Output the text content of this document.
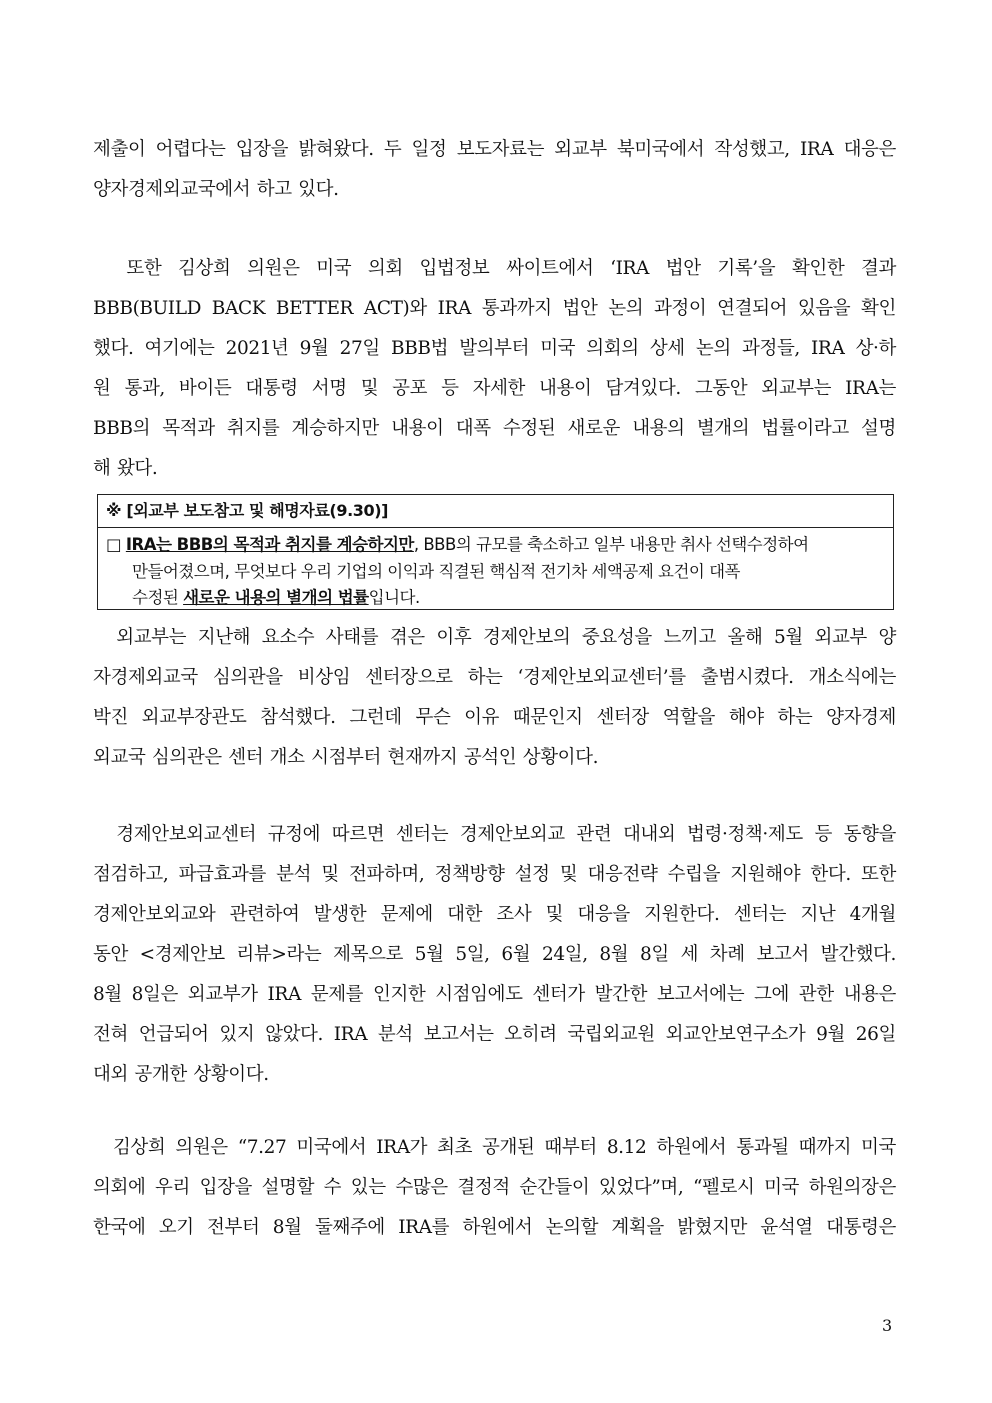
제출이 어렵다는 입장을 밝혀왔다. 두 일정 보도자료는 외교부 북미국에서 작성했고, IRA 대응은
양자경제외교국에서 하고 있다.
또한 김상희 의원은 미국 의회 입법정보 싸이트에서 ‘IRA 법안 기록’을 확인한 결과
BBB(BUILD BACK BETTER ACT)와 IRA 통과까지 법안 논의 과정이 연결되어 있음을 확인
했다. 여기에는 2021년 9월 27일 BBB법 발의부터 미국 의회의 상세 논의 과정들, IRA 상·하
원 통과, 바이든 대통령 서명 및 공포 등 자세한 내용이 담겨있다. 그동안 외교부는 IRA는
BBB의 목적과 취지를 계승하지만 내용이 대폭 수정된 새로운 내용의 별개의 법률이라고 설명
해 왔다.
※ [외교부 보도참고 및 해명자료(9.30)]
□ IRA는 BBB의 목적과 취지를 계승하지만, BBB의 규모를 축소하고 일부 내용만 취사 선택수정하여
만들어졌으며, 무엇보다 우리 기업의 이익과 직결된 핵심적 전기차 세액공제 요건이 대폭
수정된 새로운 내용의 별개의 법률입니다.
외교부는 지난해 요소수 사태를 겪은 이후 경제안보의 중요성을 느끼고 올해 5월 외교부 양
자경제외교국 심의관을 비상임 센터장으로 하는 ‘경제안보외교센터’를 출범시켰다. 개소식에는
박진 외교부장관도 참석했다. 그런데 무슨 이유 때문인지 센터장 역할을 해야 하는 양자경제
외교국 심의관은 센터 개소 시점부터 현재까지 공석인 상황이다.
경제안보외교센터 규정에 따르면 센터는 경제안보외교 관련 대내외 법령·정책·제도 등 동향을
점검하고, 파급효과를 분석 및 전파하며, 정책방향 설정 및 대응전략 수립을 지원해야 한다. 또한
경제안보외교와 관련하여 발생한 문제에 대한 조사 및 대응을 지원한다. 센터는 지난 4개월
동안 <경제안보 리뷰>라는 제목으로 5월 5일, 6월 24일, 8월 8일 세 차례 보고서 발간했다.
8월 8일은 외교부가 IRA 문제를 인지한 시점임에도 센터가 발간한 보고서에는 그에 관한 내용은
전혀 언급되어 있지 않았다. IRA 분석 보고서는 오히려 국립외교원 외교안보연구소가 9월 26일
대외 공개한 상황이다.
김상희 의원은 “7.27 미국에서 IRA가 최초 공개된 때부터 8.12 하원에서 통과될 때까지 미국
의회에 우리 입장을 설명할 수 있는 수많은 결정적 순간들이 있었다”며, “펠로시 미국 하원의장은
한국에 오기 전부터 8월 둘째주에 IRA를 하원에서 논의할 계획을 밝혔지만 윤석열 대통령은
3
